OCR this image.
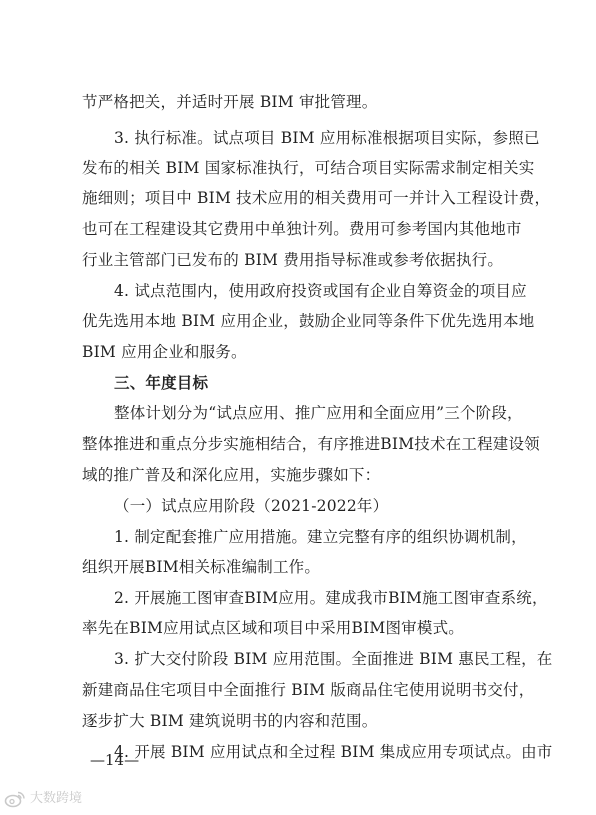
节严格把关，并适时开展 BIM 审批管理。
3. 执行标准。试点项目 BIM 应用标准根据项目实际，参照已
发布的相关 BIM 国家标准执行，可结合项目实际需求制定相关实
施细则；项目中 BIM 技术应用的相关费用可一并计入工程设计费，
也可在工程建设其它费用中单独计列。费用可参考国内其他地市
行业主管部门已发布的 BIM 费用指导标准或参考依据执行。
4. 试点范围内，使用政府投资或国有企业自筹资金的项目应
优先选用本地 BIM 应用企业，鼓励企业同等条件下优先选用本地
BIM 应用企业和服务。
三、年度目标
整体计划分为“试点应用、推广应用和全面应用”三个阶段，
整体推进和重点分步实施相结合，有序推进BIM技术在工程建设领
域的推广普及和深化应用，实施步骤如下：
（一）试点应用阶段（2021-2022年）
1. 制定配套推广应用措施。建立完整有序的组织协调机制，
组织开展BIM相关标准编制工作。
2. 开展施工图审查BIM应用。建成我市BIM施工图审查系统，
率先在BIM应用试点区域和项目中采用BIM图审模式。
3. 扩大交付阶段 BIM 应用范围。全面推进 BIM 惠民工程，在
新建商品住宅项目中全面推行 BIM 版商品住宅使用说明书交付，
逐步扩大 BIM 建筑说明书的内容和范围。
4. 开展 BIM 应用试点和全过程 BIM 集成应用专项试点。由市
—14—
大数跨境
